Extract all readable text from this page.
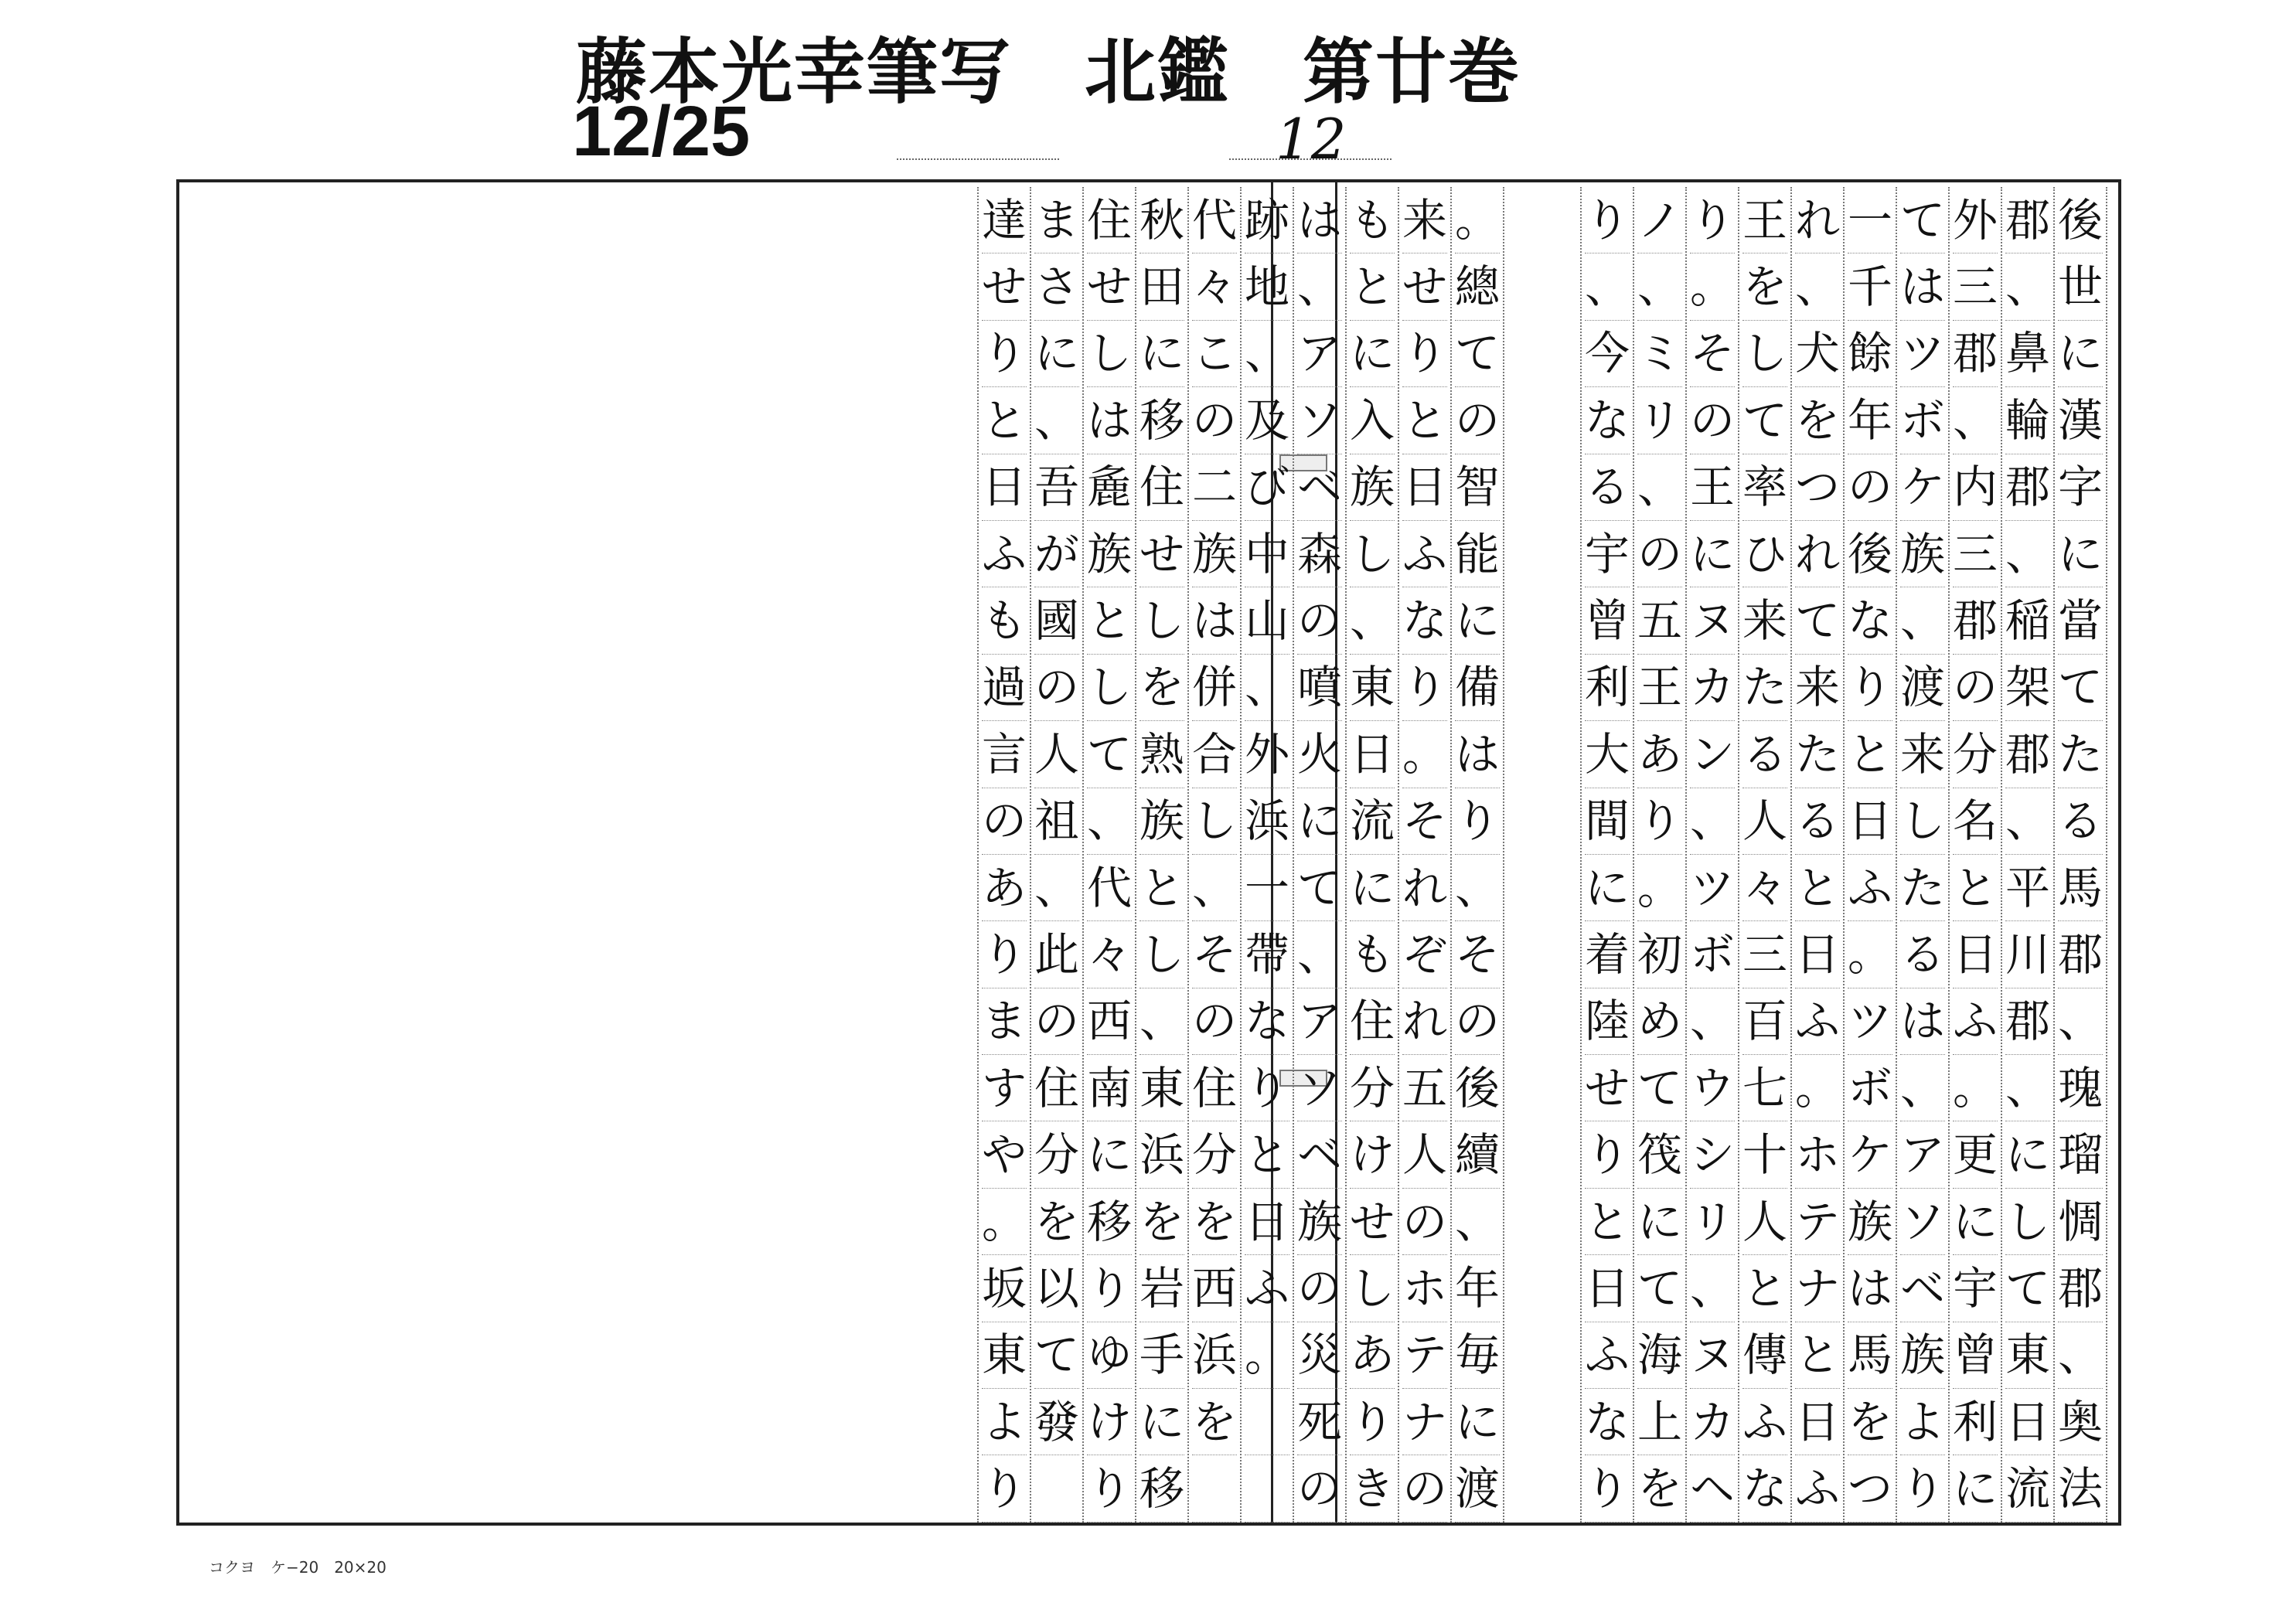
藤本光幸筆写　北鑑　第廿巻
12/25	12
後
世
に
漢
字
に
當
て
た
る
馬
郡
、
瑰
瑠
惆
郡
、
奥
法
郡
、
鼻
輪
郡
、
稲
架
郡
、
平
川
郡
、
に
し
て
東
日
流
外
三
郡
、
内
三
郡
の
分
名
と
日
ふ
。
更
に
宇
曾
利
に
て
は
ツ
ボ
ケ
族
、
渡
来
し
た
る
は
、
ア
ソ
ベ
族
よ
り
一
千
餘
年
の
後
な
り
と
日
ふ
。
ツ
ボ
ケ
族
は
馬
を
つ
れ
、
犬
を
つ
れ
て
来
た
る
と
日
ふ
。
ホ
テ
ナ
と
日
ふ
王
を
し
て
率
ひ
来
た
る
人
々
三
百
七
十
人
と
傳
ふ
な
り
。
そ
の
王
に
ヌ
カ
ン
、
ツ
ボ
、
ウ
シ
リ
、
ヌ
カ
ヘ
ノ
、
ミ
リ
、
の
五
王
あ
り
。
初
め
て
筏
に
て
海
上
を
り
、
今
な
る
宇
曾
利
大
間
に
着
陸
せ
り
と
日
ふ
な
り
。
總
て
の
智
能
に
備
は
り
、
そ
の
後
續
、
年
毎
に
渡
来
せ
り
と
日
ふ
な
り
。
そ
れ
ぞ
れ
五
人
の
ホ
テ
ナ
の
も
と
に
入
族
し
、
東
日
流
に
も
住
分
け
せ
し
あ
り
き
は
、
ア
ソ
ベ
森
の
噴
火
に
て
、
ア
ソ
ベ
族
の
災
死
の
跡
地
、
及
び
中
山
、
外
浜
一
帶
な
り
と
日
ふ
。
代
々
こ
の
二
族
は
併
合
し
、
そ
の
住
分
を
西
浜
を
秋
田
に
移
住
せ
し
を
熟
族
と
し
、
東
浜
を
岩
手
に
移
住
せ
し
は
麁
族
と
し
て
、
代
々
西
南
に
移
り
ゆ
け
り
ま
さ
に
、
吾
が
國
の
人
祖
、
此
の
住
分
を
以
て
發
達
せ
り
と
日
ふ
も
過
言
の
あ
り
ま
す
や
。
坂
東
よ
り
コクヨ　ケ−20　20×20
